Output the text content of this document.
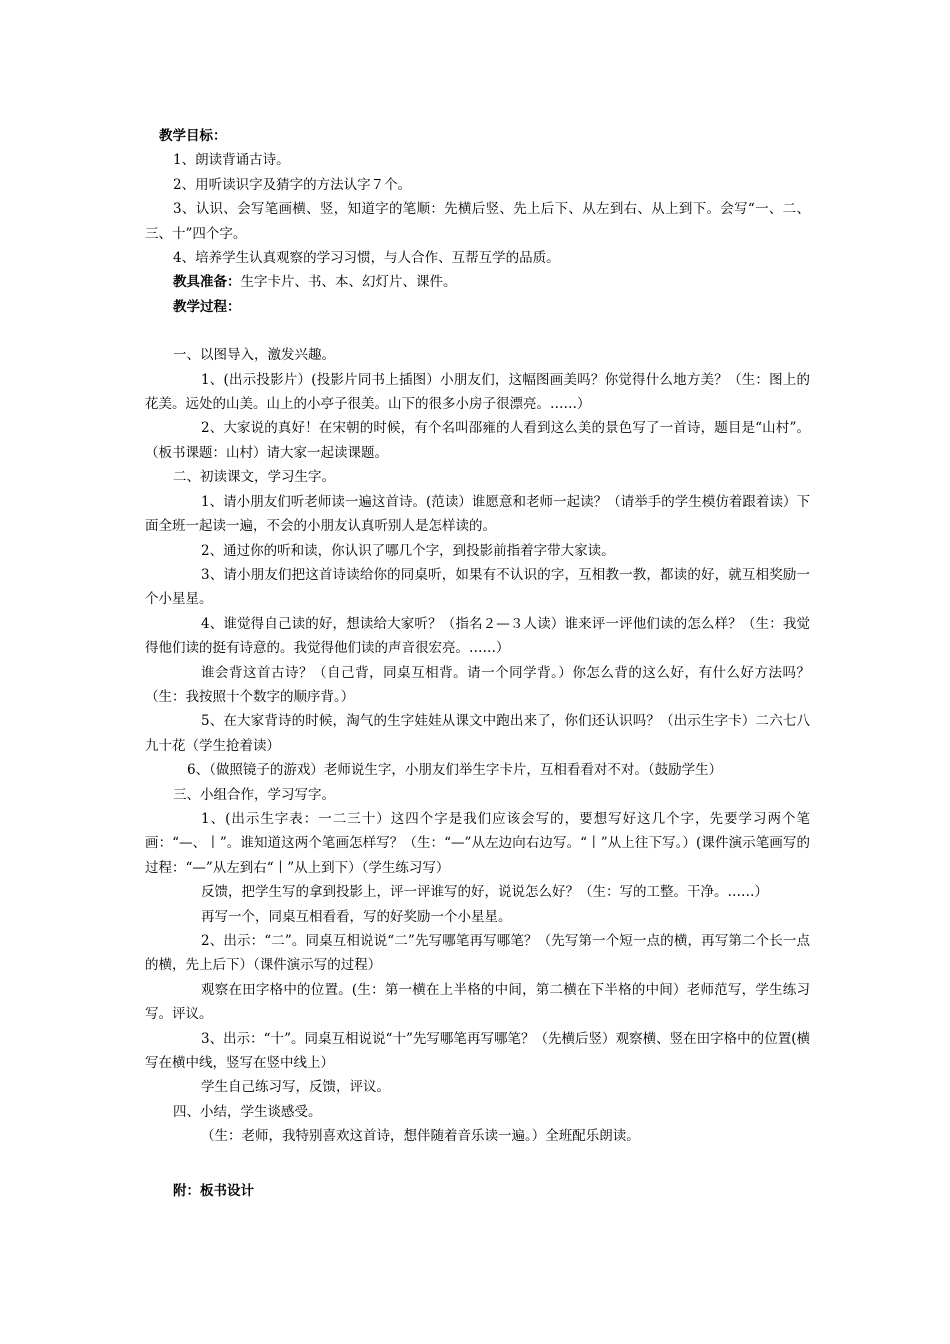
教学目标：

1、朗读背诵古诗。

2、用听读识字及猜字的方法认字７个。

3、认识、会写笔画横、竖，知道字的笔顺：先横后竖、先上后下、从左到右、从上到下。会写“一、二、三、十”四个字。

4、培养学生认真观察的学习习惯，与人合作、互帮互学的品质。

教具准备：生字卡片、书、本、幻灯片、课件。

教学过程：

一、以图导入，激发兴趣。

1、(出示投影片）(投影片同书上插图）小朋友们，这幅图画美吗？你觉得什么地方美？（生：图上的花美。远处的山美。山上的小亭子很美。山下的很多小房子很漂亮。……）

2、大家说的真好！在宋朝的时候，有个名叫邵雍的人看到这么美的景色写了一首诗，题目是“山村”。（板书课题：山村）请大家一起读课题。

二、初读课文，学习生字。

1、请小朋友们听老师读一遍这首诗。(范读）谁愿意和老师一起读？（请举手的学生模仿着跟着读）下面全班一起读一遍，不会的小朋友认真听别人是怎样读的。

2、通过你的听和读，你认识了哪几个字，到投影前指着字带大家读。

3、请小朋友们把这首诗读给你的同桌听，如果有不认识的字，互相教一教，都读的好，就互相奖励一个小星星。

4、谁觉得自己读的好，想读给大家听？（指名２—３人读）谁来评一评他们读的怎么样？（生：我觉得他们读的挺有诗意的。我觉得他们读的声音很宏亮。……）

谁会背这首古诗？（自己背，同桌互相背。请一个同学背。）你怎么背的这么好，有什么好方法吗？（生：我按照十个数字的顺序背。）

5、在大家背诗的时候，淘气的生字娃娃从课文中跑出来了，你们还认识吗？（出示生字卡）二六七八九十花（学生抢着读）

6、（做照镜子的游戏）老师说生字，小朋友们举生字卡片，互相看看对不对。（鼓励学生）

三、小组合作，学习写字。

1、(出示生字表：一二三十）这四个字是我们应该会写的，要想写好这几个字，先要学习两个笔画：“—、丨”。谁知道这两个笔画怎样写？（生：“—”从左边向右边写。“丨”从上往下写。）(课件演示笔画写的过程：“—”从左到右“丨”从上到下）（学生练习写）

反馈，把学生写的拿到投影上，评一评谁写的好，说说怎么好？（生：写的工整。干净。……）

再写一个，同桌互相看看，写的好奖励一个小星星。

2、出示：“二”。同桌互相说说“二”先写哪笔再写哪笔？（先写第一个短一点的横，再写第二个长一点的横，先上后下）（课件演示写的过程）

观察在田字格中的位置。(生：第一横在上半格的中间，第二横在下半格的中间）老师范写，学生练习写。评议。

3、出示：“十”。同桌互相说说“十”先写哪笔再写哪笔？（先横后竖）观察横、竖在田字格中的位置(横写在横中线，竖写在竖中线上）

学生自己练习写，反馈，评议。

四、小结，学生谈感受。

（生：老师，我特别喜欢这首诗，想伴随着音乐读一遍。）全班配乐朗读。

附：板书设计
